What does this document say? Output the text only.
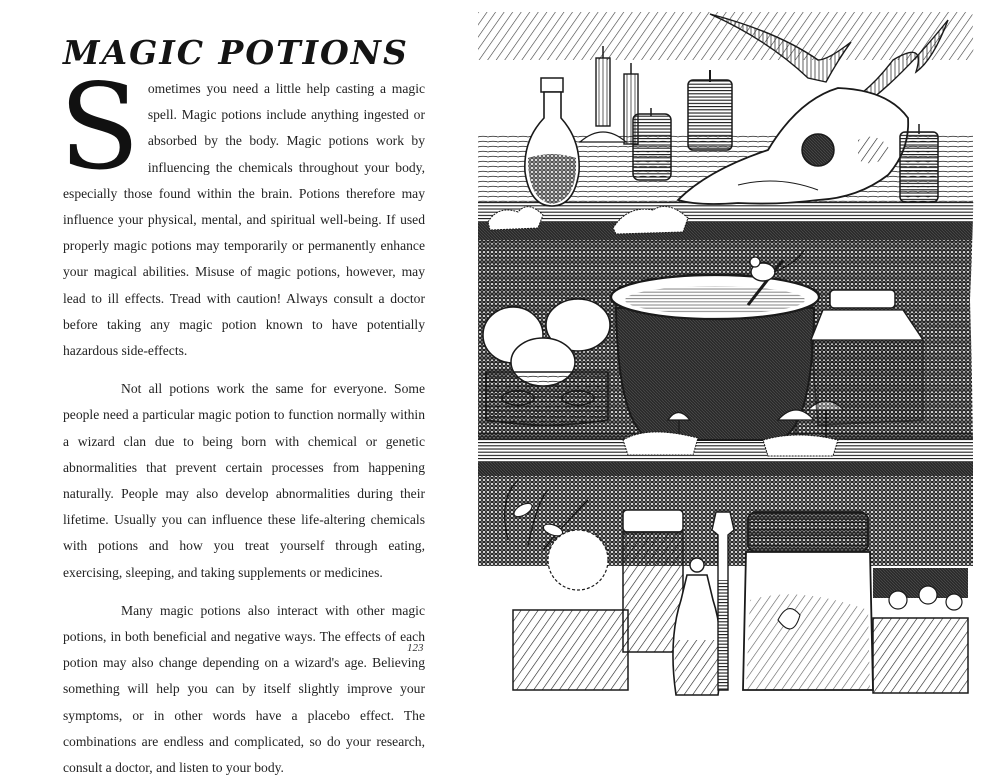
MAGIC POTIONS

Sometimes you need a little help casting a magic spell. Magic potions include anything ingested or absorbed by the body. Magic potions work by influencing the chemicals throughout your body, especially those found within the brain. Potions therefore may influence your physical, mental, and spiritual well-being. If used properly magic potions may temporarily or permanently enhance your magical abilities. Misuse of magic potions, however, may lead to ill effects. Tread with caution! Always consult a doctor before taking any magic potion known to have potentially hazardous side-effects.

Not all potions work the same for everyone. Some people need a particular magic potion to function normally within a wizard clan due to being born with chemical or genetic abnormalities that prevent certain processes from happening naturally. People may also develop abnormalities during their lifetime. Usually you can influence these life-altering chemicals with potions and how you treat yourself through eating, exercising, sleeping, and taking supplements or medicines.

Many magic potions also interact with other magic potions, in both beneficial and negative ways. The effects of each potion may also change depending on a wizard's age. Believing something will help you can by itself slightly improve your symptoms, or in other words have a placebo effect. The combinations are endless and complicated, so do your research, consult a doctor, and listen to your body.

123
